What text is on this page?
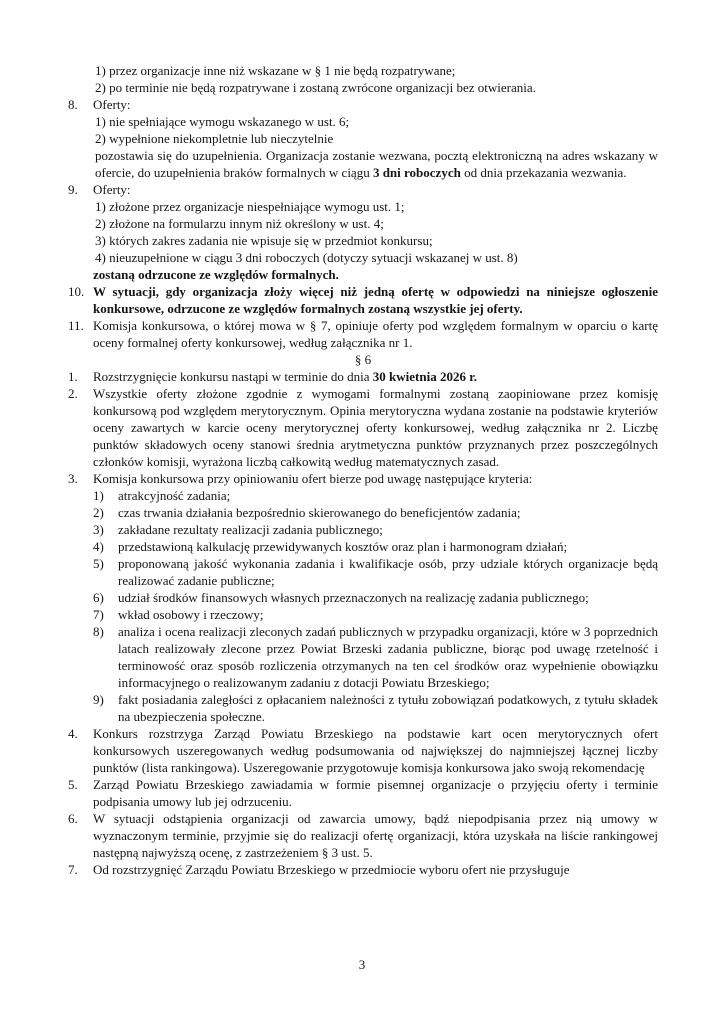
1) przez organizacje inne niż wskazane w § 1 nie będą rozpatrywane;
2) po terminie nie będą rozpatrywane i zostaną zwrócone organizacji bez otwierania.
8. Oferty:
1) nie spełniające wymogu wskazanego w ust. 6;
2) wypełnione niekompletnie lub nieczytelnie
pozostawia się do uzupełnienia. Organizacja zostanie wezwana, pocztą elektroniczną na adres wskazany w ofercie, do uzupełnienia braków formalnych w ciągu 3 dni roboczych od dnia przekazania wezwania.
9. Oferty:
1) złożone przez organizacje niespełniające wymogu ust. 1;
2) złożone na formularzu innym niż określony w ust. 4;
3) których zakres zadania nie wpisuje się w przedmiot konkursu;
4) nieuzupełnione w ciągu 3 dni roboczych (dotyczy sytuacji wskazanej w ust. 8)
zostaną odrzucone ze względów formalnych.
10. W sytuacji, gdy organizacja złoży więcej niż jedną ofertę w odpowiedzi na niniejsze ogłoszenie konkursowe, odrzucone ze względów formalnych zostaną wszystkie jej oferty.
11. Komisja konkursowa, o której mowa w § 7, opiniuje oferty pod względem formalnym w oparciu o kartę oceny formalnej oferty konkursowej, według załącznika nr 1.
§ 6
1. Rozstrzygnięcie konkursu nastąpi w terminie do dnia 30 kwietnia 2026 r.
2. Wszystkie oferty złożone zgodnie z wymogami formalnymi zostaną zaopiniowane przez komisję konkursową pod względem merytorycznym. Opinia merytoryczna wydana zostanie na podstawie kryteriów oceny zawartych w karcie oceny merytorycznej oferty konkursowej, według załącznika nr 2. Liczbę punktów składowych oceny stanowi średnia arytmetyczna punktów przyznanych przez poszczególnych członków komisji, wyrażona liczbą całkowitą według matematycznych zasad.
3. Komisja konkursowa przy opiniowaniu ofert bierze pod uwagę następujące kryteria:
1) atrakcyjność zadania;
2) czas trwania działania bezpośrednio skierowanego do beneficjentów zadania;
3) zakładane rezultaty realizacji zadania publicznego;
4) przedstawioną kalkulację przewidywanych kosztów oraz plan i harmonogram działań;
5) proponowaną jakość wykonania zadania i kwalifikacje osób, przy udziale których organizacje będą realizować zadanie publiczne;
6) udział środków finansowych własnych przeznaczonych na realizację zadania publicznego;
7) wkład osobowy i rzeczowy;
8) analiza i ocena realizacji zleconych zadań publicznych w przypadku organizacji, które w 3 poprzednich latach realizowały zlecone przez Powiat Brzeski zadania publiczne, biorąc pod uwagę rzetelność i terminowość oraz sposób rozliczenia otrzymanych na ten cel środków oraz wypełnienie obowiązku informacyjnego o realizowanym zadaniu z dotacji Powiatu Brzeskiego;
9) fakt posiadania zaległości z opłacaniem należności z tytułu zobowiązań podatkowych, z tytułu składek na ubezpieczenia społeczne.
4. Konkurs rozstrzyga Zarząd Powiatu Brzeskiego na podstawie kart ocen merytorycznych ofert konkursowych uszeregowanych według podsumowania od największej do najmniejszej łącznej liczby punktów (lista rankingowa). Uszeregowanie przygotowuje komisja konkursowa jako swoją rekomendację
5. Zarząd Powiatu Brzeskiego zawiadamia w formie pisemnej organizacje o przyjęciu oferty i terminie podpisania umowy lub jej odrzuceniu.
6. W sytuacji odstąpienia organizacji od zawarcia umowy, bądź niepodpisania przez nią umowy w wyznaczonym terminie, przyjmie się do realizacji ofertę organizacji, która uzyskała na liście rankingowej następną najwyższą ocenę, z zastrzeżeniem § 3 ust. 5.
7. Od rozstrzygnięć Zarządu Powiatu Brzeskiego w przedmiocie wyboru ofert nie przysługuje
3
